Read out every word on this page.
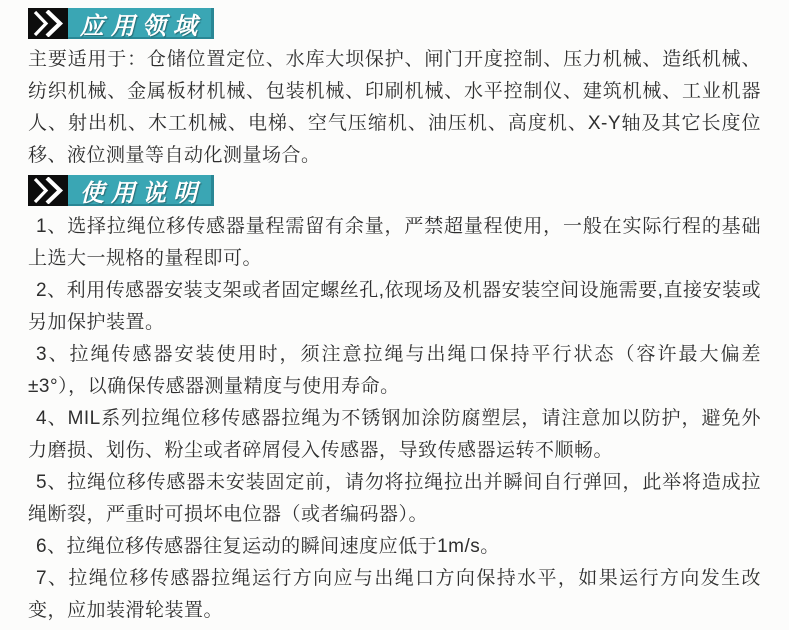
应用领域

主要适用于：仓储位置定位、水库大坝保护、闸门开度控制、压力机械、造纸机械、纺织机械、金属板材机械、包装机械、印刷机械、水平控制仪、建筑机械、工业机器人、射出机、木工机械、电梯、空气压缩机、油压机、高度机、X-Y轴及其它长度位移、液位测量等自动化测量场合。

使用说明

1、选择拉绳位移传感器量程需留有余量，严禁超量程使用，一般在实际行程的基础上选大一规格的量程即可。

2、利用传感器安装支架或者固定螺丝孔,依现场及机器安装空间设施需要,直接安装或另加保护装置。

3、拉绳传感器安装使用时，须注意拉绳与出绳口保持平行状态（容许最大偏差±3°），以确保传感器测量精度与使用寿命。

4、MIL系列拉绳位移传感器拉绳为不锈钢加涂防腐塑层，请注意加以防护，避免外力磨损、划伤、粉尘或者碎屑侵入传感器，导致传感器运转不顺畅。

5、拉绳位移传感器未安装固定前，请勿将拉绳拉出并瞬间自行弹回，此举将造成拉绳断裂，严重时可损坏电位器（或者编码器）。

6、拉绳位移传感器往复运动的瞬间速度应低于1m/s。

7、拉绳位移传感器拉绳运行方向应与出绳口方向保持水平，如果运行方向发生改变，应加装滑轮装置。
